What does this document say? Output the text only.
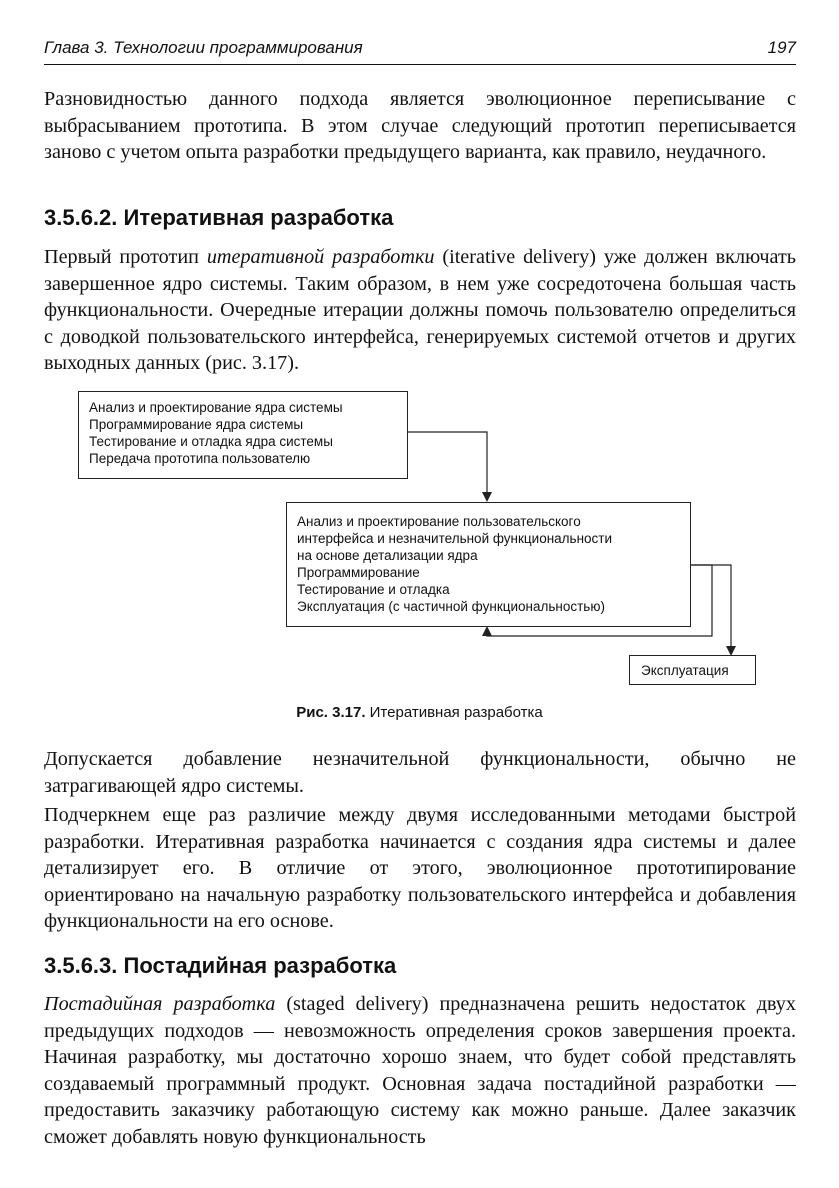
Глава 3. Технологии программирования	197

Разновидностью данного подхода является эволюционное переписывание с выбрасыванием прототипа. В этом случае следующий прототип переписывается заново с учетом опыта разработки предыдущего варианта, как правило, неудачного.

3.5.6.2. Итеративная разработка

Первый прототип итеративной разработки (iterative delivery) уже должен включать завершенное ядро системы. Таким образом, в нем уже сосредоточена большая часть функциональности. Очередные итерации должны помочь пользователю определиться с доводкой пользовательского интерфейса, генерируемых системой отчетов и других выходных данных (рис. 3.17).

Анализ и проектирование ядра системы
Программирование ядра системы
Тестирование и отладка ядра системы
Передача прототипа пользователю
Анализ и проектирование пользовательского
интерфейса и незначительной функциональности
на основе детализации ядра
Программирование
Тестирование и отладка
Эксплуатация (с частичной функциональностью)
Эксплуатация
Рис. 3.17. Итеративная разработка

Допускается добавление незначительной функциональности, обычно не затрагивающей ядро системы.

Подчеркнем еще раз различие между двумя исследованными методами быстрой разработки. Итеративная разработка начинается с создания ядра системы и далее детализирует его. В отличие от этого, эволюционное прототипирование ориентировано на начальную разработку пользовательского интерфейса и добавления функциональности на его основе.

3.5.6.3. Постадийная разработка

Постадийная разработка (staged delivery) предназначена решить недостаток двух предыдущих подходов — невозможность определения сроков завершения проекта. Начиная разработку, мы достаточно хорошо знаем, что будет собой представлять создаваемый программный продукт. Основная задача постадийной разработки — предоставить заказчику работающую систему как можно раньше. Далее заказчик сможет добавлять новую функциональность
